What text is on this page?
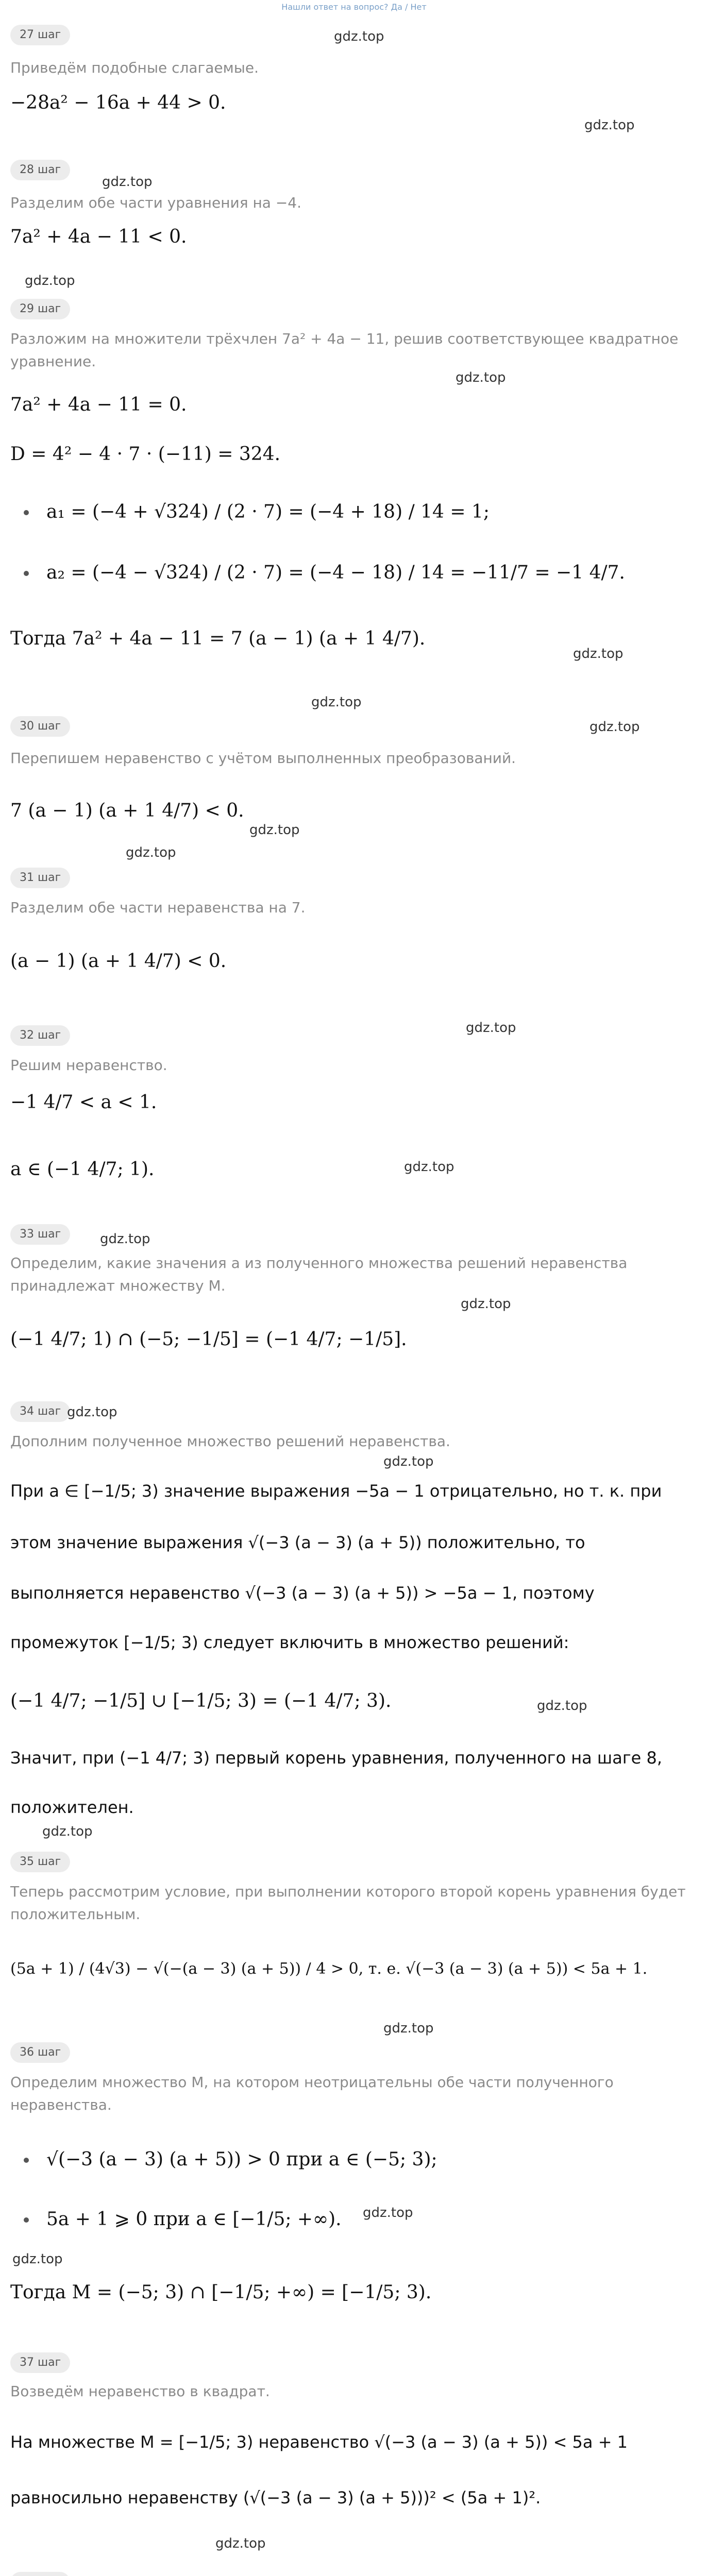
Нашли ответ на вопрос? Да / Нет
27 шаг	gdz.top
Приведём подобные слагаемые.
−28a² − 16a + 44 > 0.
gdz.top
28 шаг
gdz.top
Разделим обе части уравнения на −4.
7a² + 4a − 11 < 0.
gdz.top
29 шаг
Разложим на множители трёхчлен 7a² + 4a − 11, решив соответствующее квадратное уравнение.
gdz.top
7a² + 4a − 11 = 0.
D = 4² − 4 · 7 · (−11) = 324.
a₁ = (−4 + √324) / (2 · 7) = (−4 + 18) / 14 = 1;
a₂ = (−4 − √324) / (2 · 7) = (−4 − 18) / 14 = −11/7 = −1 4/7.
Тогда 7a² + 4a − 11 = 7 (a − 1) (a + 1 4/7).
gdz.top
gdz.top
30 шаг	gdz.top
Перепишем неравенство с учётом выполненных преобразований.
7 (a − 1) (a + 1 4/7) < 0.
gdz.top
gdz.top
31 шаг
Разделим обе части неравенства на 7.
(a − 1) (a + 1 4/7) < 0.
gdz.top
32 шаг
Решим неравенство.
−1 4/7 < a < 1.
a ∈ (−1 4/7; 1).	gdz.top
33 шаг	gdz.top
Определим, какие значения a из полученного множества решений неравенства принадлежат множеству M.
gdz.top
(−1 4/7; 1) ∩ (−5; −1/5] = (−1 4/7; −1/5].
34 шаг gdz.top
Дополним полученное множество решений неравенства.
gdz.top
При a ∈ [−1/5; 3) значение выражения −5a − 1 отрицательно, но т. к. при
этом значение выражения √(−3 (a − 3) (a + 5)) положительно, то
выполняется неравенство √(−3 (a − 3) (a + 5)) > −5a − 1, поэтому
промежуток [−1/5; 3) следует включить в множество решений:
(−1 4/7; −1/5] ∪ [−1/5; 3) = (−1 4/7; 3).	gdz.top
Значит, при (−1 4/7; 3) первый корень уравнения, полученного на шаге 8,
положителен.
gdz.top
35 шаг
Теперь рассмотрим условие, при выполнении которого второй корень уравнения будет положительным.
(5a + 1) / (4√3) − √(−(a − 3) (a + 5)) / 4 > 0, т. е. √(−3 (a − 3) (a + 5)) < 5a + 1.
gdz.top
36 шаг
Определим множество M, на котором неотрицательны обе части полученного неравенства.
√(−3 (a − 3) (a + 5)) > 0 при a ∈ (−5; 3);
gdz.top
5a + 1 ⩾ 0 при a ∈ [−1/5; +∞).
gdz.top
Тогда M = (−5; 3) ∩ [−1/5; +∞) = [−1/5; 3).
37 шаг
Возведём неравенство в квадрат.
На множестве M = [−1/5; 3) неравенство √(−3 (a − 3) (a + 5)) < 5a + 1
равносильно неравенству (√(−3 (a − 3) (a + 5)))² < (5a + 1)².
gdz.top
